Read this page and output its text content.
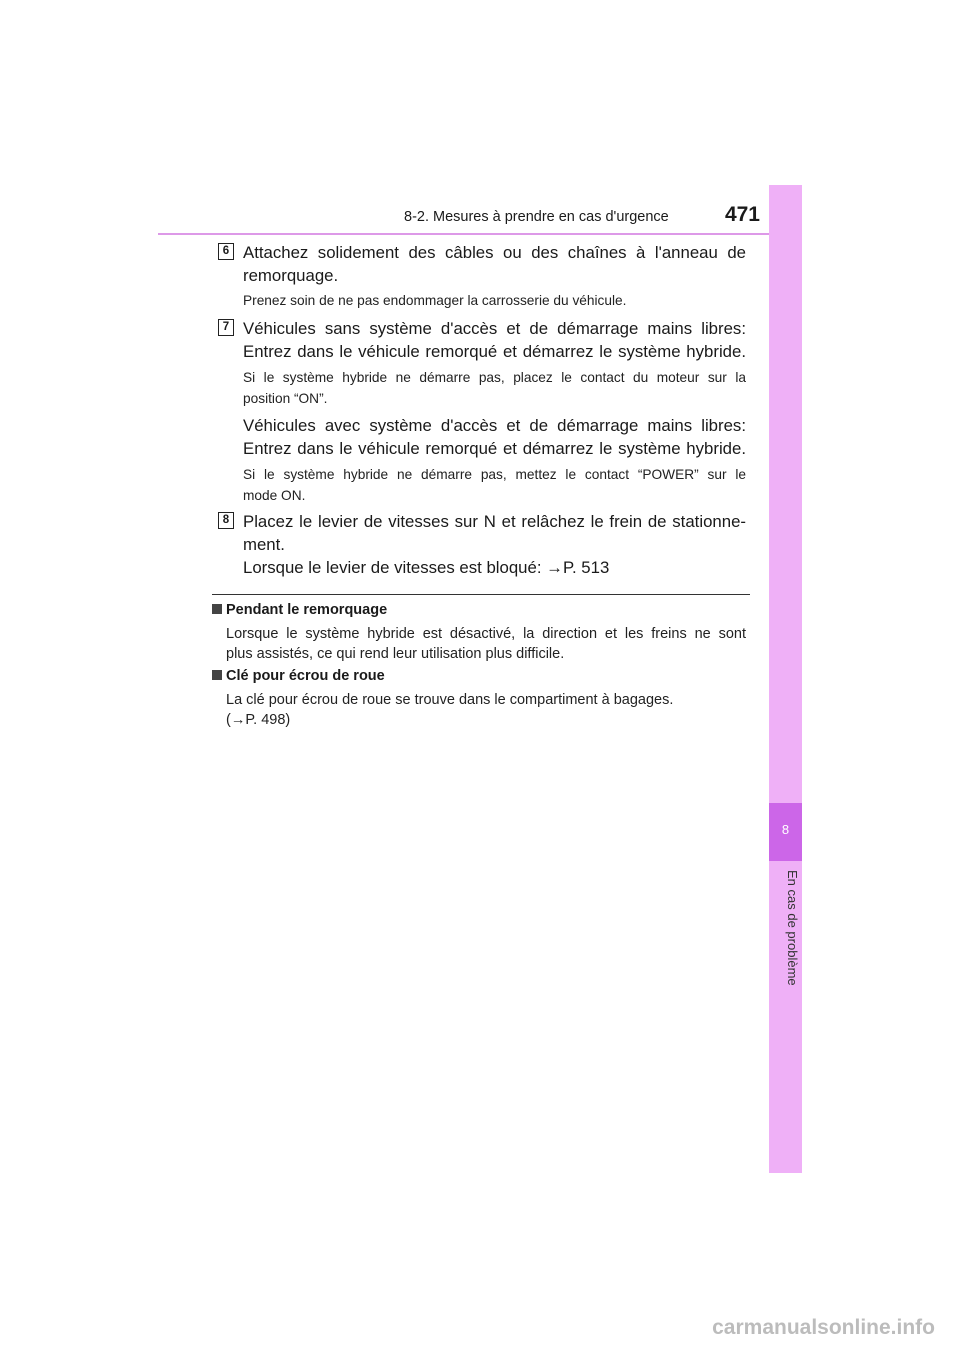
8-2. Mesures à prendre en cas d'urgence	471
8
En cas de problème
6 Attachez solidement des câbles ou des chaînes à l'anneau de
remorquage.
Prenez soin de ne pas endommager la carrosserie du véhicule.
7 Véhicules sans système d'accès et de démarrage mains libres:
Entrez dans le véhicule remorqué et démarrez le système hybride.
Si le système hybride ne démarre pas, placez le contact du moteur sur la
position “ON”.
Véhicules avec système d'accès et de démarrage mains libres:
Entrez dans le véhicule remorqué et démarrez le système hybride.
Si le système hybride ne démarre pas, mettez le contact “POWER” sur le
mode ON.
8 Placez le levier de vitesses sur N et relâchez le frein de stationne-
ment.
Lorsque le levier de vitesses est bloqué: →P. 513
Pendant le remorquage
Lorsque le système hybride est désactivé, la direction et les freins ne sont
plus assistés, ce qui rend leur utilisation plus difficile.
Clé pour écrou de roue
La clé pour écrou de roue se trouve dans le compartiment à bagages.
(→P. 498)
carmanualsonline.info
